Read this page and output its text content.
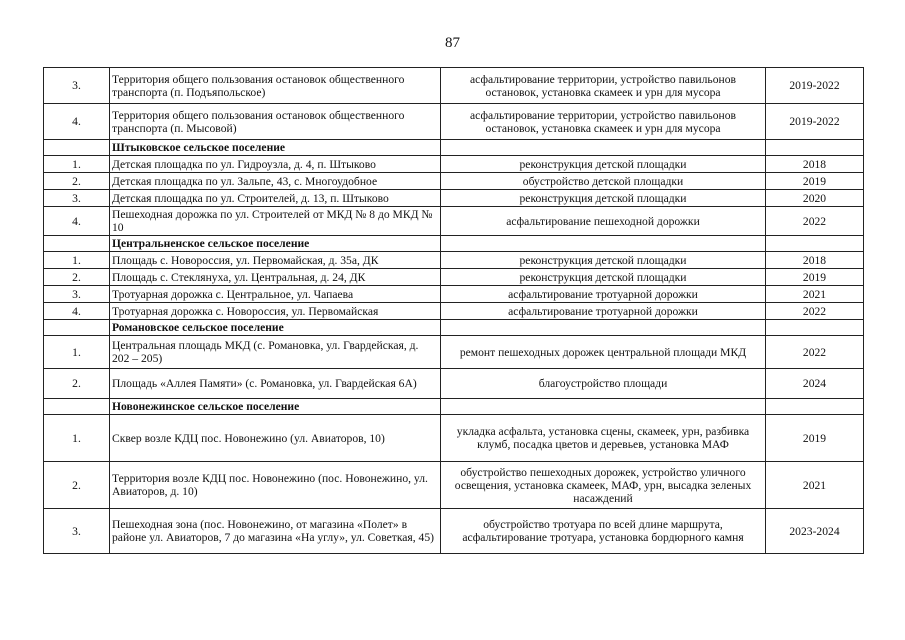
87
3.	Территория общего пользования остановок общественного транспорта (п. Подъяпольское)	асфальтирование территории, устройство павильонов остановок, установка скамеек и урн для мусора	2019-2022
4.	Территория общего пользования остановок общественного транспорта (п. Мысовой)	асфальтирование территории, устройство павильонов остановок, установка скамеек и урн для мусора	2019-2022
	Штыковское сельское поселение		
1.	Детская площадка по ул. Гидроузла, д. 4, п. Штыково	реконструкция детской площадки	2018
2.	Детская площадка по ул. Зальпе, 43, с. Многоудобное	обустройство детской площадки	2019
3.	Детская площадка по ул. Строителей, д. 13, п. Штыково	реконструкция детской площадки	2020
4.	Пешеходная дорожка по ул. Строителей от МКД № 8 до МКД № 10	асфальтирование пешеходной дорожки	2022
	Центральненское сельское поселение		
1.	Площадь с. Новороссия, ул. Первомайская, д. 35а, ДК	реконструкция детской площадки	2018
2.	Площадь с. Стеклянуха, ул. Центральная, д. 24, ДК	реконструкция детской площадки	2019
3.	Тротуарная дорожка с. Центральное, ул. Чапаева	асфальтирование тротуарной дорожки	2021
4.	Тротуарная дорожка с. Новороссия, ул. Первомайская	асфальтирование тротуарной дорожки	2022
	Романовское сельское поселение		
1.	Центральная площадь МКД (с. Романовка, ул. Гвардейская, д. 202 – 205)	ремонт пешеходных дорожек центральной площади МКД	2022
2.	Площадь «Аллея Памяти» (с. Романовка, ул. Гвардейская 6А)	благоустройство площади	2024
	Новонежинское сельское поселение		
1.	Сквер возле КДЦ пос. Новонежино (ул. Авиаторов, 10)	укладка асфальта, установка сцены, скамеек, урн, разбивка клумб, посадка цветов и деревьев, установка МАФ	2019
2.	Территория возле КДЦ пос. Новонежино (пос. Новонежино, ул. Авиаторов, д. 10)	обустройство пешеходных дорожек, устройство уличного освещения, установка скамеек, МАФ, урн, высадка зеленых насаждений	2021
3.	Пешеходная зона (пос. Новонежино, от магазина «Полет» в районе ул. Авиаторов, 7 до магазина «На углу», ул. Советкая, 45)	обустройство тротуара по всей длине маршрута, асфальтирование тротуара, установка бордюрного камня	2023-2024
